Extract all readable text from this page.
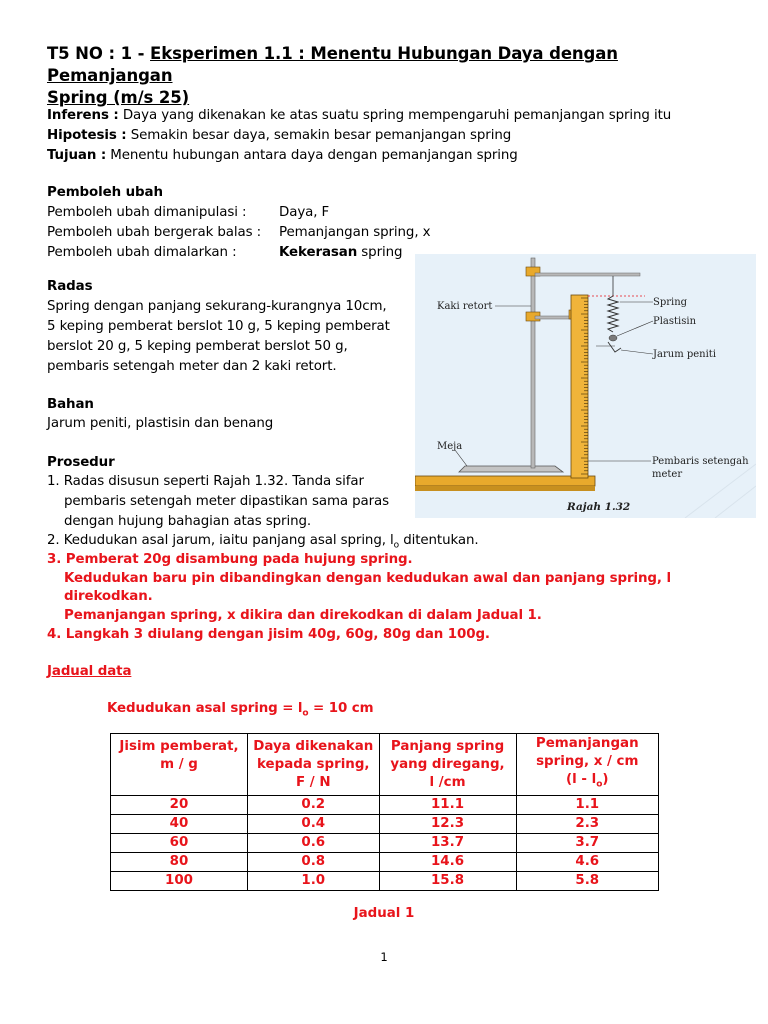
T5 NO : 1 - Eksperimen 1.1 : Menentu Hubungan Daya dengan Pemanjangan
Spring (m/s 25)
Inferens : Daya yang dikenakan ke atas suatu spring mempengaruhi pemanjangan spring itu
Hipotesis : Semakin besar daya, semakin besar pemanjangan spring
Tujuan : Menentu hubungan antara daya dengan pemanjangan spring
Pemboleh ubah
Pemboleh ubah dimanipulasi : Daya, F
Pemboleh ubah bergerak balas : Pemanjangan spring, x
Pemboleh ubah dimalarkan :	Kekerasan spring
Radas
Spring dengan panjang sekurang-kurangnya 10cm,
5 keping pemberat berslot 10 g, 5 keping pemberat
berslot 20 g, 5 keping pemberat berslot 50 g,
pembaris setengah meter dan 2 kaki retort.
Bahan
Jarum peniti, plastisin dan benang
Prosedur
1. Radas disusun seperti Rajah 1.32. Tanda sifar
pembaris setengah meter dipastikan sama paras
dengan hujung bahagian atas spring.
2. Kedudukan asal jarum, iaitu panjang asal spring, $l_o$ ditentukan.
3. Pemberat 20g disambung pada hujung spring.
Kedudukan baru pin dibandingkan dengan kedudukan awal dan panjang spring, l
direkodkan.
Pemanjangan spring, x dikira dan direkodkan di dalam Jadual 1.
4. Langkah 3 diulang dengan jisim 40g, 60g, 80g dan 100g.
Jadual data
Kedudukan asal spring = $l_o = 10$ cm
Kaki retort	Spring
Plastisin
Jarum peniti
Meja
Pembaris setengah
meter
Rajah 1.32
Jisim pemberat,
m / g	Daya dikenakan
kepada spring,
F / N	Panjang spring
yang diregang,
l /cm	Pemanjangan
spring, x / cm
$(l - l_o)$
20	0.2	11.1	1.1
40	0.4	12.3	2.3
60	0.6	13.7	3.7
80	0.8	14.6	4.6
100	1.0	15.8	5.8
Jadual 1
1
